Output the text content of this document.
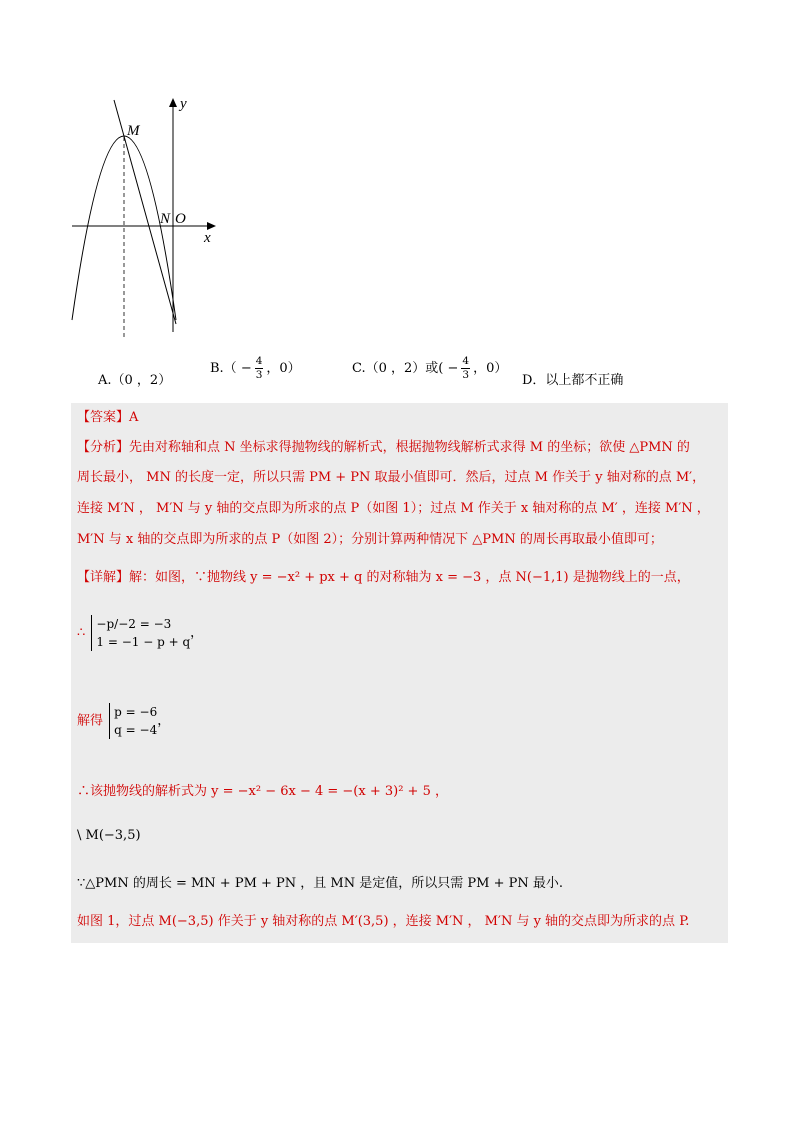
y
x
M
N O
A.（0 ，2）
$B.( - \frac{4}{3}$ ，0）	C.（0 ，2）或( − $\frac{4}{3}$ ，0）
D．以上都不正确
【答案】A
【分析】先由对称轴和点 N 坐标求得抛物线的解析式，根据抛物线解析式求得 M 的坐标；欲使 △PMN 的
周长最小， MN 的长度一定，所以只需 PM + PN 取最小值即可．然后，过点 M 作关于 y 轴对称的点 M′，
连接 M′N ， M′N 与 y 轴的交点即为所求的点 P（如图 1）；过点 M 作关于 x 轴对称的点 M′ ，连接 M′N ，
M′N 与 x 轴的交点即为所求的点 P（如图 2）；分别计算两种情况下 △PMN 的周长再取最小值即可；
【详解】解：如图，∵抛物线 y = −x² + px + q 的对称轴为 x = −3 ，点 N(−1,1) 是抛物线上的一点，
∴
−p/−2 = −3
1 = −1 − p + q
，
解得
p = −6
q = −4
，
∴该抛物线的解析式为 y = −x² − 6x − 4 = −(x + 3)² + 5 ，
\ M(−3,5)
∵△PMN 的周长 = MN + PM + PN ，且 MN 是定值，所以只需 PM + PN 最小.
如图 1，过点 M(−3,5) 作关于 y 轴对称的点 M′(3,5) ，连接 M′N ， M′N 与 y 轴的交点即为所求的点 P.
